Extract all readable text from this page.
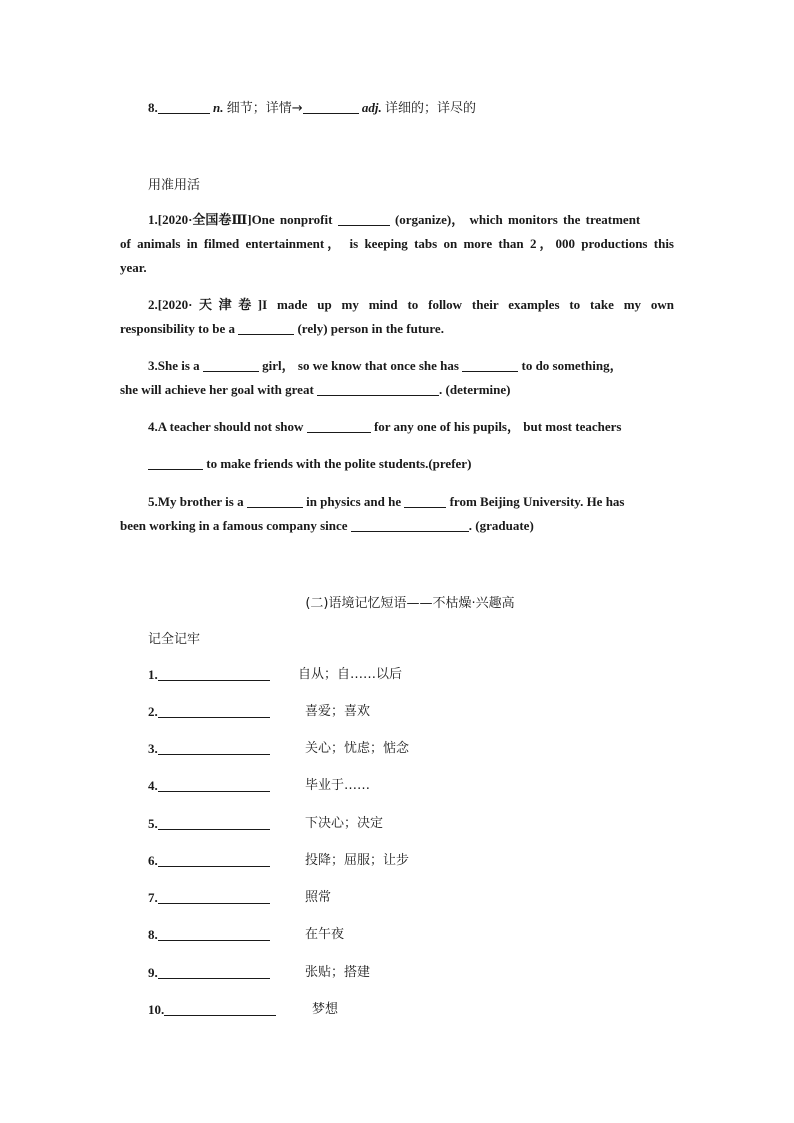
8.	n. 细节；详情→	adj. 详细的；详尽的
用准用活
1.[2020·全国卷Ⅲ]One nonprofit	(organize)， which monitors the treatment
of animals in filmed entertainment， is keeping tabs on more than 2，000 productions this
year.
2.[2020·天津卷]I made up my mind to follow their examples to take my own
responsibility to be a	(rely) person in the future.
3.She is a	girl， so we know that once she has	to do something，
she will achieve her goal with great	. (determine)
4.A teacher should not show	for any one of his pupils， but most teachers
to make friends with the polite students.(prefer)
5.My brother is a	in physics and he	from Beijing University. He has
been working in a famous company since	. (graduate)
(二)语境记忆短语——不枯燥·兴趣高
记全记牢
1.	自从；自……以后
2.	喜爱；喜欢
3.	关心；忧虑；惦念
4.	毕业于……
5.	下决心；决定
6.	投降；屈服；让步
7.	照常
8.	在午夜
9.	张贴；搭建
10.	梦想
